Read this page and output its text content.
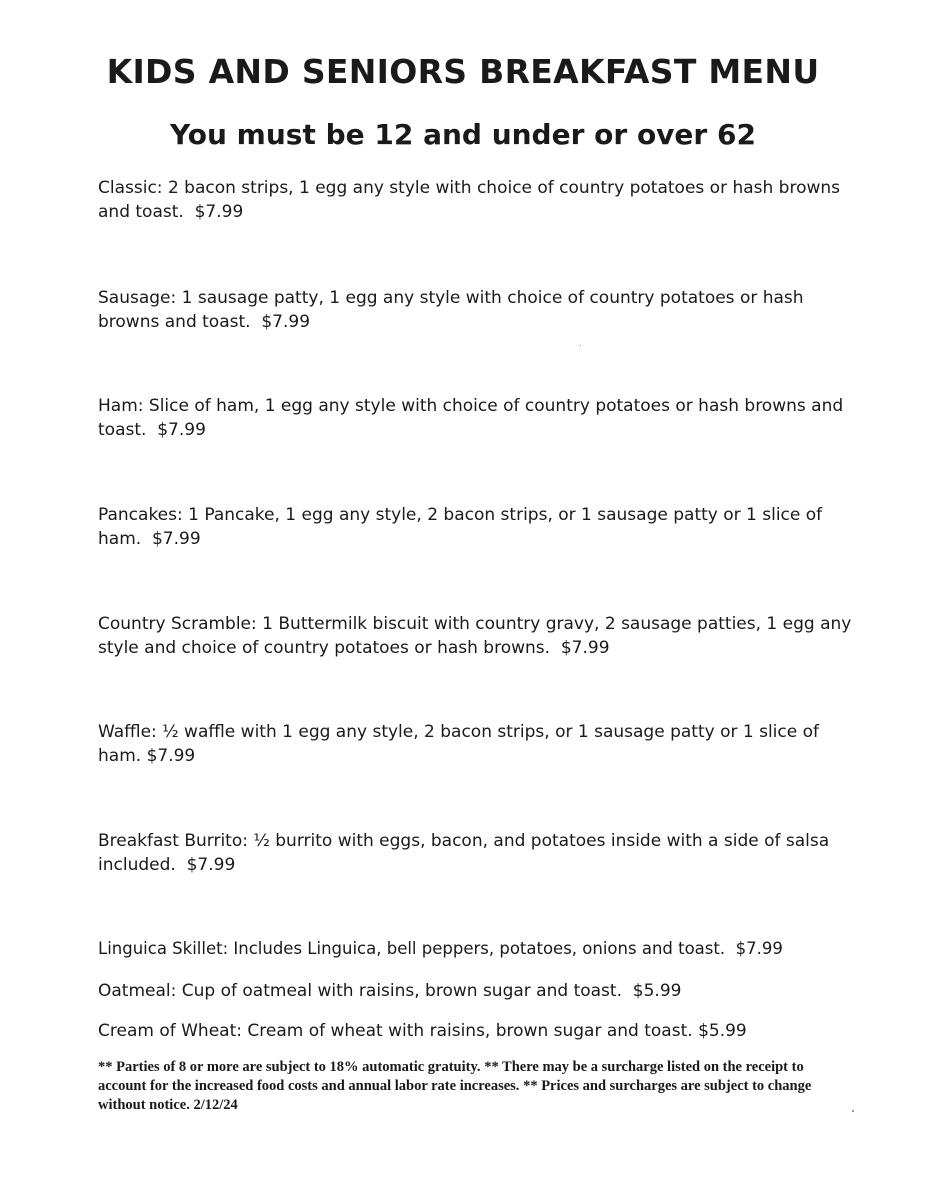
KIDS AND SENIORS BREAKFAST MENU
You must be 12 and under or over 62

Classic: 2 bacon strips, 1 egg any style with choice of country potatoes or hash browns and toast. $7.99

Sausage: 1 sausage patty, 1 egg any style with choice of country potatoes or hash browns and toast. $7.99

Ham: Slice of ham, 1 egg any style with choice of country potatoes or hash browns and toast. $7.99

Pancakes: 1 Pancake, 1 egg any style, 2 bacon strips, or 1 sausage patty or 1 slice of ham. $7.99

Country Scramble: 1 Buttermilk biscuit with country gravy, 2 sausage patties, 1 egg any style and choice of country potatoes or hash browns. $7.99

Waffle: ½ waffle with 1 egg any style, 2 bacon strips, or 1 sausage patty or 1 slice of ham. $7.99

Breakfast Burrito: ½ burrito with eggs, bacon, and potatoes inside with a side of salsa included. $7.99

Linguica Skillet: Includes Linguica, bell peppers, potatoes, onions and toast. $7.99

Oatmeal: Cup of oatmeal with raisins, brown sugar and toast. $5.99

Cream of Wheat: Cream of wheat with raisins, brown sugar and toast. $5.99

** Parties of 8 or more are subject to 18% automatic gratuity. ** There may be a surcharge listed on the receipt to account for the increased food costs and annual labor rate increases. ** Prices and surcharges are subject to change without notice. 2/12/24
